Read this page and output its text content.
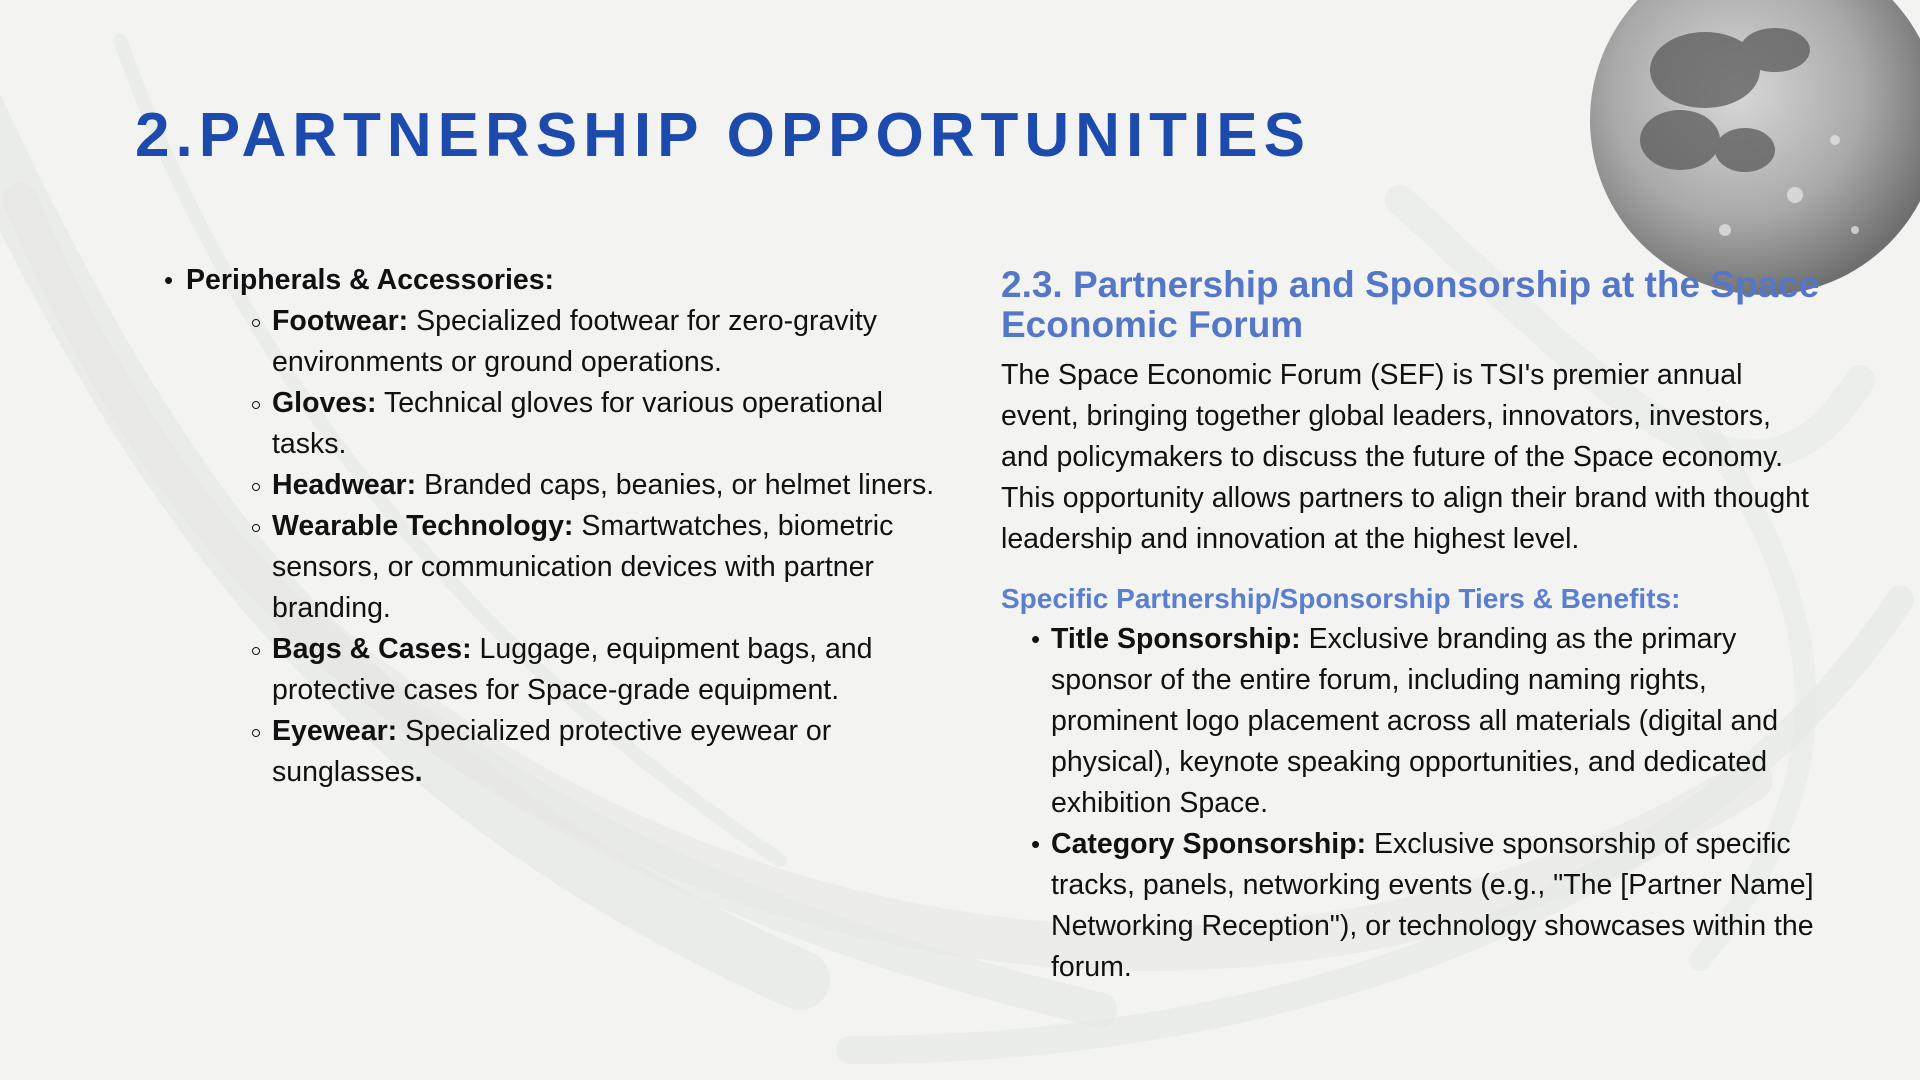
2.PARTNERSHIP OPPORTUNITIES
• Peripherals & Accessories:
Footwear: Specialized footwear for zero-gravity environments or ground operations.
Gloves: Technical gloves for various operational tasks.
Headwear: Branded caps, beanies, or helmet liners.
Wearable Technology: Smartwatches, biometric sensors, or communication devices with partner branding.
Bags & Cases: Luggage, equipment bags, and protective cases for Space-grade equipment.
Eyewear: Specialized protective eyewear or sunglasses.
2.3. Partnership and Sponsorship at the Space Economic Forum

The Space Economic Forum (SEF) is TSI's premier annual event, bringing together global leaders, innovators, investors, and policymakers to discuss the future of the Space economy. This opportunity allows partners to align their brand with thought leadership and innovation at the highest level.

Specific Partnership/Sponsorship Tiers & Benefits:

• Title Sponsorship: Exclusive branding as the primary sponsor of the entire forum, including naming rights, prominent logo placement across all materials (digital and physical), keynote speaking opportunities, and dedicated exhibition Space.
• Category Sponsorship: Exclusive sponsorship of specific tracks, panels, networking events (e.g., "The [Partner Name] Networking Reception"), or technology showcases within the forum.
